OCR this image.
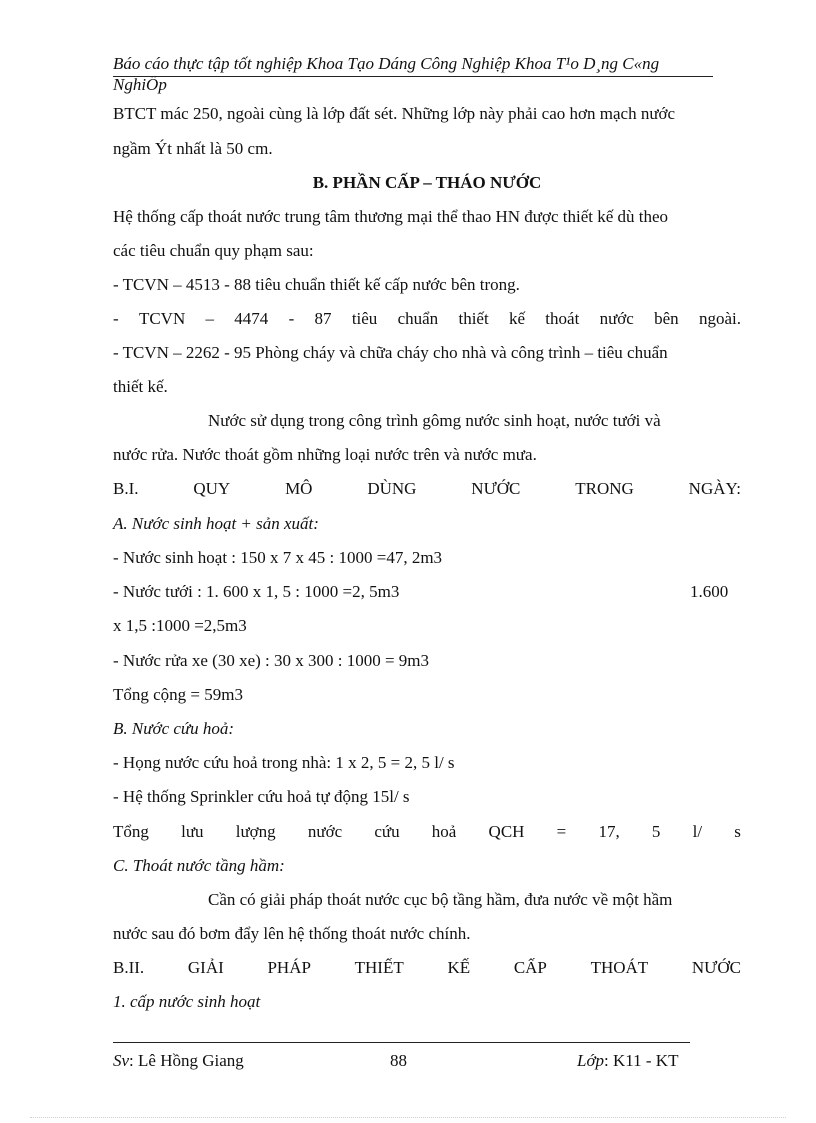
Báo cáo thực tập tốt nghiệp Khoa Tạo Dáng Công Nghiệp Khoa T¹o D¸ng C«ng
NghiÖp

BTCT mác 250, ngoài cùng là lớp đất sét. Những lớp này phải cao hơn mạch nước

ngầm Ýt nhất là 50 cm.

B. PHẦN CẤP – THÁO NƯỚC

Hệ thống cấp thoát nước trung tâm thương mại thể thao HN được thiết kế dù theo

các tiêu chuẩn quy phạm sau:

- TCVN – 4513 - 88 tiêu chuẩn thiết kế cấp nước bên trong.

- TCVN – 4474 - 87 tiêu chuẩn thiết kế thoát nước bên ngoài.

- TCVN – 2262 - 95 Phòng cháy và chữa cháy cho nhà và công trình – tiêu chuẩn

thiết kế.

Nước sử dụng trong công trình gômg nước sinh hoạt, nước tưới và

nước rửa. Nước thoát gồm những loại nước trên và nước mưa.

B.I.	QUY	MÔ	DÙNG	NƯỚC	TRONG	NGÀY:

A. Nước sinh hoạt + sản xuất:

- Nước sinh hoạt : 150 x 7 x 45 : 1000 =47, 2m3

- Nước tưới : 1. 600 x 1, 5 : 1000 =2, 5m3	1.600

x 1,5 :1000 =2,5m3

- Nước rửa xe (30 xe) : 30 x 300 : 1000 = 9m3

Tổng cộng = 59m3

B. Nước cứu hoả:

- Họng nước cứu hoả trong nhà: 1 x 2, 5 = 2, 5 l/ s

- Hệ thống Sprinkler cứu hoả tự động 15l/ s

Tổng lưu lượng nước cứu hoả QCH = 17, 5 l/ s

C. Thoát nước tầng hầm:

Cần có giải pháp thoát nước cục bộ tầng hầm, đưa nước về một hầm

nước sau đó bơm đẩy lên hệ thống thoát nước chính.

B.II.	GIẢI	PHÁP	THIẾT	KẾ	CẤP	THOÁT	NƯỚC

1. cấp nước sinh hoạt

Sv: Lê Hồng Giang	88	Lớp: K11 - KT
